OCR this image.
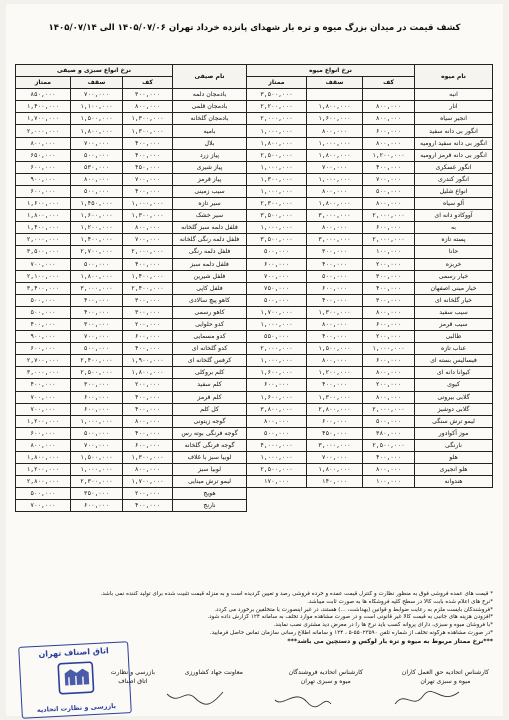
کشف قیمت در میدان بزرگ میوه و تره بار شهدای پانزده خرداد تهران ۱۴۰۵/۰۷/۰۶ الی ۱۴۰۵/۰۷/۱۴
نام میوه	نرخ انواع میوه		
	کف	سقف	ممتاز
انبه			۳,۵۰۰,۰۰۰
انار	۸۰۰,۰۰۰	۱,۸۰۰,۰۰۰	۲,۲۰۰,۰۰۰
انجیر سیاه	۸۰۰,۰۰۰	۱,۶۰۰,۰۰۰	۲,۰۰۰,۰۰۰
انگور بی دانه سفید	۶۰۰,۰۰۰	۸۰۰,۰۰۰	۱,۰۰۰,۰۰۰
انگور بی دانه سفید ارومیه	۸۰۰,۰۰۰	۱,۰۰۰,۰۰۰	۱,۸۰۰,۰۰۰
انگور بی دانه قرمز ارومیه	۱,۲۰۰,۰۰۰	۱,۸۰۰,۰۰۰	۲,۵۰۰,۰۰۰
انگور عسکری	۴۰۰,۰۰۰	۷۰۰,۰۰۰	۱,۰۰۰,۰۰۰
انگور کندری	۷۰۰,۰۰۰	۱,۰۰۰,۰۰۰	۱,۳۰۰,۰۰۰
انواع شلیل	۵۰۰,۰۰۰	۸۰۰,۰۰۰	۱,۰۰۰,۰۰۰
آلو سیاه	۸۰۰,۰۰۰	۱,۸۰۰,۰۰۰	۲,۳۰۰,۰۰۰
آووکادو دانه ای	۲,۰۰۰,۰۰۰	۳,۰۰۰,۰۰۰	۳,۵۰۰,۰۰۰
به	۶۰۰,۰۰۰	۸۰۰,۰۰۰	۱,۰۰۰,۰۰۰
پسته تازه	۲,۰۰۰,۰۰۰	۳,۰۰۰,۰۰۰	۳,۵۰۰,۰۰۰
حانا	۱۰۰,۰۰۰	۳۰۰,۰۰۰	۵۰۰,۰۰۰
خربزه	۲۰۰,۰۰۰	۴۰۰,۰۰۰	۶۰۰,۰۰۰
خیار رسمی	۳۰۰,۰۰۰	۵۰۰,۰۰۰	۷۰۰,۰۰۰
خیار مینی اصفهان	۴۰۰,۰۰۰	۶۰۰,۰۰۰	۷۵۰,۰۰۰
خیار گلخانه ای	۳۰۰,۰۰۰	۴۰۰,۰۰۰	۵۰۰,۰۰۰
سیب سفید	۸۰۰,۰۰۰	۱,۳۰۰,۰۰۰	۱,۷۰۰,۰۰۰
سیب قرمز	۶۰۰,۰۰۰	۸۰۰,۰۰۰	۱,۰۰۰,۰۰۰
طالبی	۲۰۰,۰۰۰	۴۰۰,۰۰۰	۵۵۰,۰۰۰
عناب تازه	۱,۰۰۰,۰۰۰	۱,۵۰۰,۰۰۰	۲,۰۰۰,۰۰۰
فیسالیس بسته ای	۶۰۰,۰۰۰	۸۰۰,۰۰۰	۱,۰۰۰,۰۰۰
کیوانا دانه ای	۸۰۰,۰۰۰	۱,۲۰۰,۰۰۰	۱,۶۰۰,۰۰۰
کیوی	۲۰۰,۰۰۰	۴۰۰,۰۰۰	۶۰۰,۰۰۰
گلابی بیروتی	۸۰۰,۰۰۰	۱,۳۰۰,۰۰۰	۱,۶۰۰,۰۰۰
گلابی دوشیز	۲,۰۰۰,۰۰۰	۲,۸۰۰,۰۰۰	۳,۸۰۰,۰۰۰
لیمو ترش سنگی	۵۰۰,۰۰۰	۶۰۰,۰۰۰	۸۰۰,۰۰۰
موز آکوادور	۳۸۰,۰۰۰	۴۵۰,۰۰۰	۵۰۰,۰۰۰
نارنگی	۲,۵۰۰,۰۰۰	۳,۰۰۰,۰۰۰	۴,۰۰۰,۰۰۰
هلو	۴۰۰,۰۰۰	۷۰۰,۰۰۰	۱,۰۰۰,۰۰۰
هلو انجیری	۸۰۰,۰۰۰	۱,۸۰۰,۰۰۰	۲,۵۰۰,۰۰۰
هندوانه	۱۰۰,۰۰۰	۱۴۰,۰۰۰	۱۷۰,۰۰۰
نام صیفی	نرخ انواع سبزی و صیفی		
	کف	سقف	ممتاز
بادمجان دلمه	۳۰۰,۰۰۰	۷۰۰,۰۰۰	۸۵۰,۰۰۰
بادمجان قلمی	۸۰۰,۰۰۰	۱,۱۰۰,۰۰۰	۱,۴۰۰,۰۰۰
بادمجان گلخانه	۱,۳۰۰,۰۰۰	۱,۵۰۰,۰۰۰	۱,۷۰۰,۰۰۰
بامیه	۱,۳۰۰,۰۰۰	۱,۸۰۰,۰۰۰	۲,۰۰۰,۰۰۰
بلال	۴۰۰,۰۰۰	۷۰۰,۰۰۰	۸۰۰,۰۰۰
پیاز زرد	۴۰۰,۰۰۰	۵۰۰,۰۰۰	۶۵۰,۰۰۰
پیاز شیری	۴۵۰,۰۰۰	۵۳۰,۰۰۰	۶۰۰,۰۰۰
پیاز قرمز	۷۰۰,۰۰۰	۸۰۰,۰۰۰	۹۰۰,۰۰۰
سیب زمینی	۴۰۰,۰۰۰	۵۰۰,۰۰۰	۶۰۰,۰۰۰
سیر تازه	۱,۰۰۰,۰۰۰	۱,۴۵۰,۰۰۰	۱,۶۰۰,۰۰۰
سیر خشک	۱,۳۰۰,۰۰۰	۱,۶۰۰,۰۰۰	۱,۸۰۰,۰۰۰
فلفل دلمه سبز گلخانه	۸۰۰,۰۰۰	۱,۲۰۰,۰۰۰	۱,۴۰۰,۰۰۰
فلفل دلمه رنگی گلخانه	۷۰۰,۰۰۰	۱,۴۰۰,۰۰۰	۲,۰۰۰,۰۰۰
فلفل دلمه رنگی	۲,۰۰۰,۰۰۰	۲,۷۰۰,۰۰۰	۳,۵۰۰,۰۰۰
فلفل دلمه سبز	۴۰۰,۰۰۰	۵۰۰,۰۰۰	۷۰۰,۰۰۰
فلفل شیرین	۱,۴۰۰,۰۰۰	۱,۸۰۰,۰۰۰	۲,۱۰۰,۰۰۰
فلفل کاپی	۲,۴۰۰,۰۰۰	۳,۰۰۰,۰۰۰	۳,۴۰۰,۰۰۰
کاهو پیچ سالادی	۳۰۰,۰۰۰	۴۰۰,۰۰۰	۵۰۰,۰۰۰
کاهو رسمی	۳۰۰,۰۰۰	۴۰۰,۰۰۰	۵۰۰,۰۰۰
کدو حلوایی	۲۰۰,۰۰۰	۳۰۰,۰۰۰	۴۰۰,۰۰۰
کدو مسمایی	۶۰۰,۰۰۰	۷۰۰,۰۰۰	۹۰۰,۰۰۰
کدو گلخانه ای	۴۰۰,۰۰۰	۵۰۰,۰۰۰	۶۰۰,۰۰۰
کرفس گلخانه ای	۱,۹۰۰,۰۰۰	۲,۴۰۰,۰۰۰	۲,۷۰۰,۰۰۰
کلم بروکلی	۱,۸۰۰,۰۰۰	۲,۵۰۰,۰۰۰	۳,۰۰۰,۰۰۰
کلم سفید	۲۰۰,۰۰۰	۳۰۰,۰۰۰	۴۰۰,۰۰۰
کلم قرمز	۴۰۰,۰۰۰	۶۰۰,۰۰۰	۷۰۰,۰۰۰
کل کلم	۴۰۰,۰۰۰	۶۰۰,۰۰۰	۷۰۰,۰۰۰
گوجه زیتونی	۸۰۰,۰۰۰	۱,۰۰۰,۰۰۰	۱,۲۰۰,۰۰۰
گوجه فرنگی بوته رس	۴۰۰,۰۰۰	۵۰۰,۰۰۰	۶۰۰,۰۰۰
گوجه فرنگی گلخانه	۶۰۰,۰۰۰	۷۰۰,۰۰۰	۸۰۰,۰۰۰
لوبیا سبز با غلاف	۱,۳۰۰,۰۰۰	۱,۵۰۰,۰۰۰	۱,۸۰۰,۰۰۰
لوبیا سبز	۸۰۰,۰۰۰	۱,۰۰۰,۰۰۰	۱,۲۰۰,۰۰۰
لیمو ترش مینایی	۱,۷۰۰,۰۰۰	۲,۳۰۰,۰۰۰	۲,۸۰۰,۰۰۰
هویج	۲۰۰,۰۰۰	۳۵۰,۰۰۰	۵۰۰,۰۰۰
نارنج	۴۰۰,۰۰۰	۶۰۰,۰۰۰	۷۰۰,۰۰۰
* قیمت های عمده فروشی فوق به منظور نظارت و کنترل قیمت عمده و خرده فروشی رصد و تعیین گردیده است و به منزله قیمت تثبیت شده برای تولید کننده نمی باشد.
*نرخ های اعلام شده بابت کالا در سطح کلیه فروشگاه ها به صورت ثابت میباشد.
*فروشندگان بایست ملزم به رعایت ضوابط و قوانین (بهداشت، ...) هستند، در غیر اینصورت با متخلفین برخورد می گردد.
*افزودن هزینه های جانبی به قیمت کالا غیر قانونی است و در صورت مشاهده موارد تخلف به سامانه ۱۲۴ گزارش داده شود.
*با فروشان میوه و سبزی، دارای پروانه کسب باید نرخ ها را در معرض دید مشتری نصب نمایند.
*در صورت مشاهده هرگونه تخلف از شماره تلفن ۵۵۰۲۳۵۹۰-۵ ، ۱۲۴ و سامانه اطلاع رسانی سازمان تماس حاصل فرمایید.
***نرخ ممتاز مربوط به میوه و تره بار لوکس و دستچین می باشد***
کارشناس اتحادیه حق العمل کاران
میوه و سبزی تهران
کارشناس اتحادیه فروشندگان
میوه و سبزی تهران
معاونت جهاد کشاورزی
بازرسی و نظارت
اتاق اصناف
اتاق اصناف تهران
بازرسی و نظارت اتحادیه
